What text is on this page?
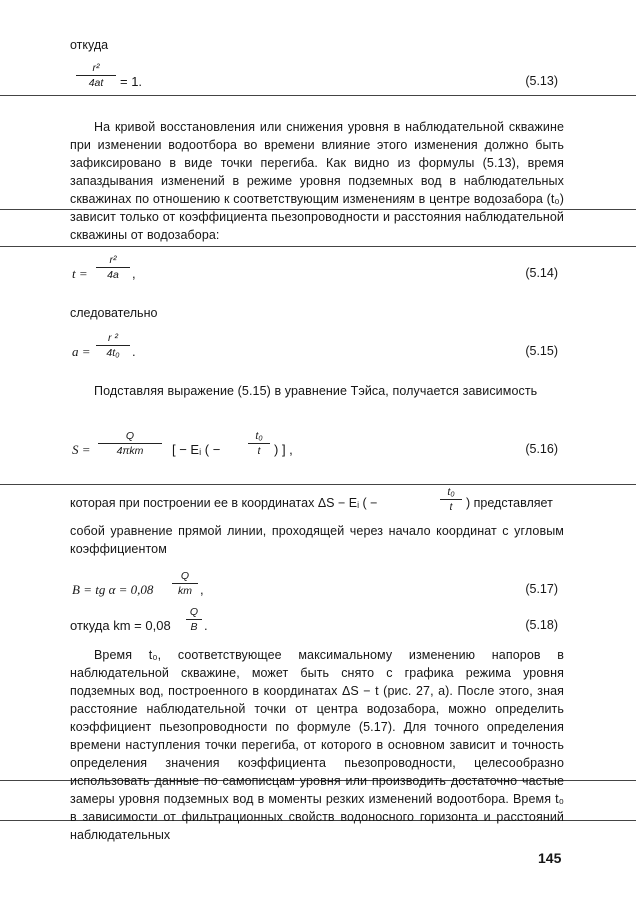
откуда
r²
4at	= 1.	(5.13)
На кривой восстановления или снижения уровня в наблюдательной скважине при изменении водоотбора во времени влияние этого изменения должно быть зафиксировано в виде точки перегиба. Как видно из формулы (5.13), время запаздывания изменений в режиме уровня подземных вод в наблюдательных скважинах по отношению к соответствующим изменениям в центре водозабора (t₀) зависит только от коэффициента пьезопроводности и расстояния наблюдательной скважины от водозабора:
t =
r²
4a	,	(5.14)
следовательно
a =
r ²
4t₀ .	(5.15)
Подставляя выражение (5.15) в уравнение Тэйса, получается зависимость
S =
Q
4πkm	[ − Eᵢ ( −
t₀
t	) ] ,	(5.16)
которая при построении ее в координатах ΔS − Eᵢ ( −
t₀
t	) представляет
собой уравнение прямой линии, проходящей через начало координат с угловым коэффициентом
B = tg α = 0,08
Q
km ,	(5.17)
откуда km = 0,08
Q
B .	(5.18)
Время t₀, соответствующее максимальному изменению напоров в наблюдательной скважине, может быть снято с графика режима уровня подземных вод, построенного в координатах ΔS − t (рис. 27, а). После этого, зная расстояние наблюдательной точки от центра водозабора, можно определить коэффициент пьезопроводности по формуле (5.17). Для точного определения времени наступления точки перегиба, от которого в основном зависит и точность определения значения коэффициента пьезопроводности, целесообразно использовать данные по самописцам уровня или производить достаточно частые замеры уровня подземных вод в моменты резких изменений водоотбора. Время t₀ в зависимости от фильтрационных свойств водоносного горизонта и расстояний наблюдательных
145
